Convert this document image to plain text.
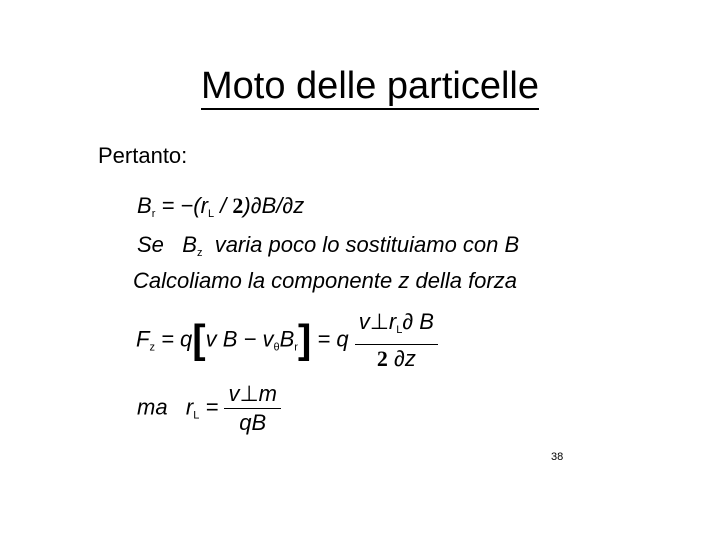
Moto delle particelle
Pertanto:
$B_r = -(r_L / 2)\partial B/\partial z$
Se $B_z$ varia poco lo sostituiamo con B
Calcoliamo la componente z della forza
$F_z = q[v$ $B - v_\theta B_r] = q \frac{v\perp r_L\partial B}{2 \partial z}$
ma $r_L = \frac{v\perp m}{qB}$
38
